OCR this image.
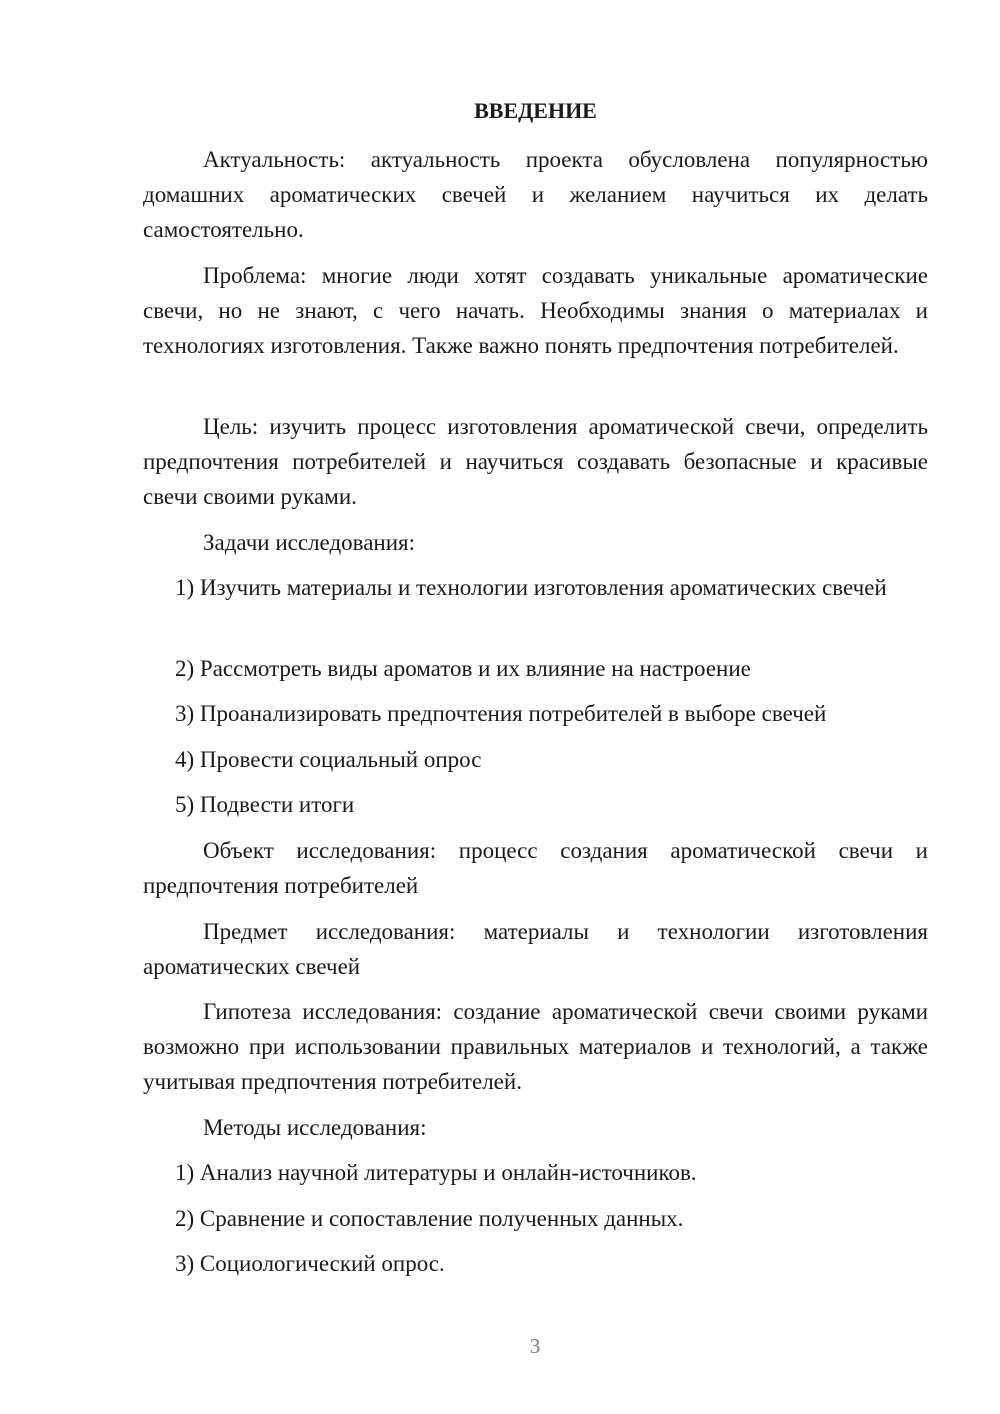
ВВЕДЕНИЕ

Актуальность: актуальность проекта обусловлена популярностью домашних ароматических свечей и желанием научиться их делать самостоятельно.

Проблема: многие люди хотят создавать уникальные ароматические свечи, но не знают, с чего начать. Необходимы знания о материалах и технологиях изготовления. Также важно понять предпочтения потребителей.

Цель: изучить процесс изготовления ароматической свечи, определить предпочтения потребителей и научиться создавать безопасные и красивые свечи своими руками.

Задачи исследования:

1) Изучить материалы и технологии изготовления ароматических свечей

2) Рассмотреть виды ароматов и их влияние на настроение

3) Проанализировать предпочтения потребителей в выборе свечей

4) Провести социальный опрос

5) Подвести итоги

Объект исследования: процесс создания ароматической свечи и предпочтения потребителей

Предмет исследования: материалы и технологии изготовления ароматических свечей

Гипотеза исследования: создание ароматической свечи своими руками возможно при использовании правильных материалов и технологий, а также учитывая предпочтения потребителей.

Методы исследования:

1) Анализ научной литературы и онлайн-источников.

2) Сравнение и сопоставление полученных данных.

3) Социологический опрос.

3
